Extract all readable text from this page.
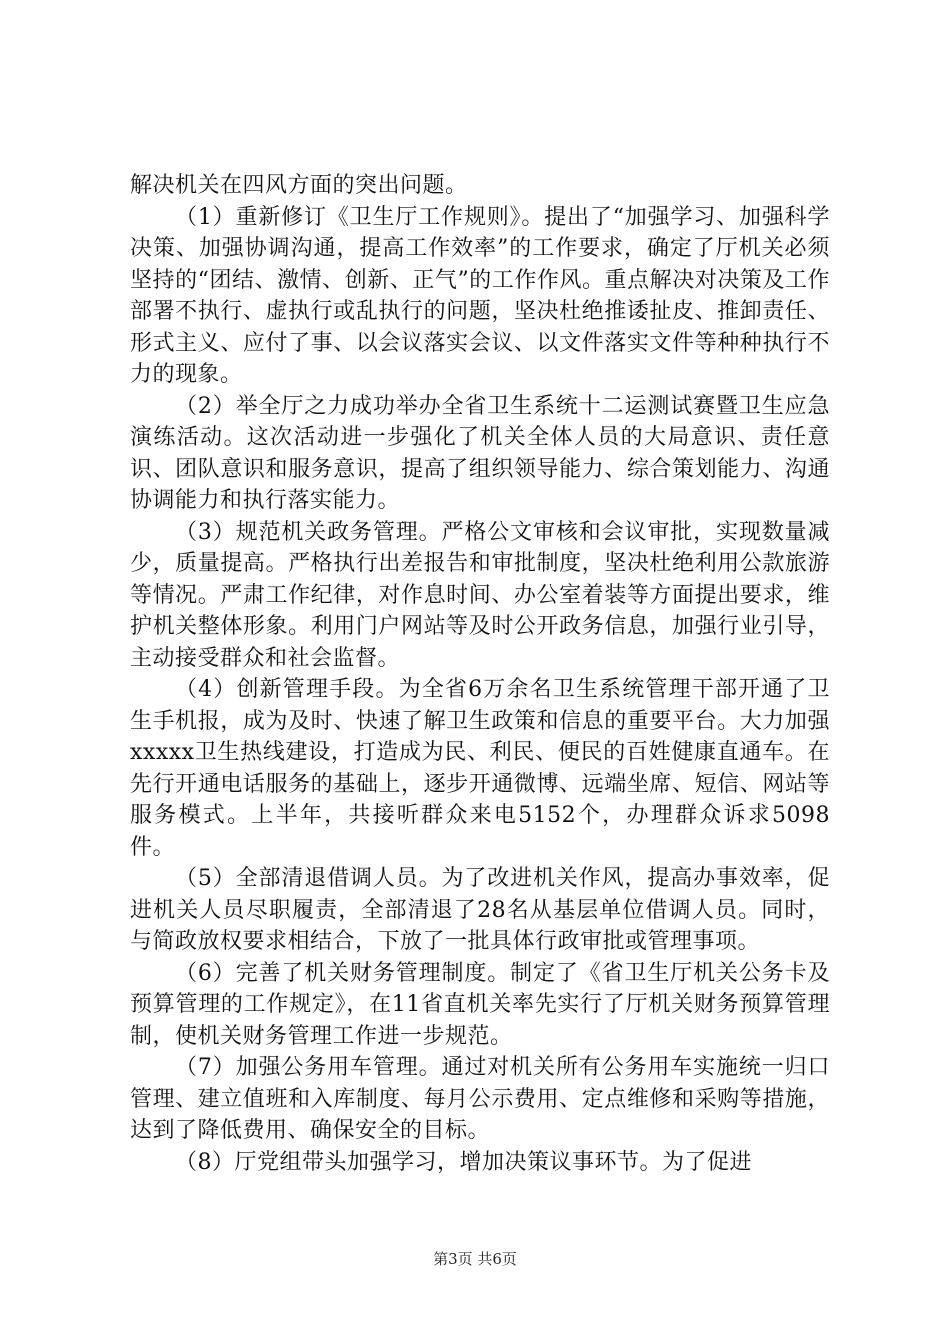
解决机关在四风方面的突出问题。

（1）重新修订《卫生厅工作规则》。提出了“加强学习、加强科学决策、加强协调沟通，提高工作效率”的工作要求，确定了厅机关必须坚持的“团结、激情、创新、正气”的工作作风。重点解决对决策及工作部署不执行、虚执行或乱执行的问题，坚决杜绝推诿扯皮、推卸责任、形式主义、应付了事、以会议落实会议、以文件落实文件等种种执行不力的现象。

（2）举全厅之力成功举办全省卫生系统十二运测试赛暨卫生应急演练活动。这次活动进一步强化了机关全体人员的大局意识、责任意识、团队意识和服务意识，提高了组织领导能力、综合策划能力、沟通协调能力和执行落实能力。

（3）规范机关政务管理。严格公文审核和会议审批，实现数量减少，质量提高。严格执行出差报告和审批制度，坚决杜绝利用公款旅游等情况。严肃工作纪律，对作息时间、办公室着装等方面提出要求，维护机关整体形象。利用门户网站等及时公开政务信息，加强行业引导，主动接受群众和社会监督。

（4）创新管理手段。为全省6万余名卫生系统管理干部开通了卫生手机报，成为及时、快速了解卫生政策和信息的重要平台。大力加强xxxxx卫生热线建设，打造成为民、利民、便民的百姓健康直通车。在先行开通电话服务的基础上，逐步开通微博、远端坐席、短信、网站等服务模式。上半年，共接听群众来电5152个，办理群众诉求5098件。

（5）全部清退借调人员。为了改进机关作风，提高办事效率，促进机关人员尽职履责，全部清退了28名从基层单位借调人员。同时，与简政放权要求相结合，下放了一批具体行政审批或管理事项。

（6）完善了机关财务管理制度。制定了《省卫生厅机关公务卡及预算管理的工作规定》，在11省直机关率先实行了厅机关财务预算管理制，使机关财务管理工作进一步规范。

（7）加强公务用车管理。通过对机关所有公务用车实施统一归口管理、建立值班和入库制度、每月公示费用、定点维修和采购等措施，达到了降低费用、确保安全的目标。

（8）厅党组带头加强学习，增加决策议事环节。为了促进

第3页 共6页
